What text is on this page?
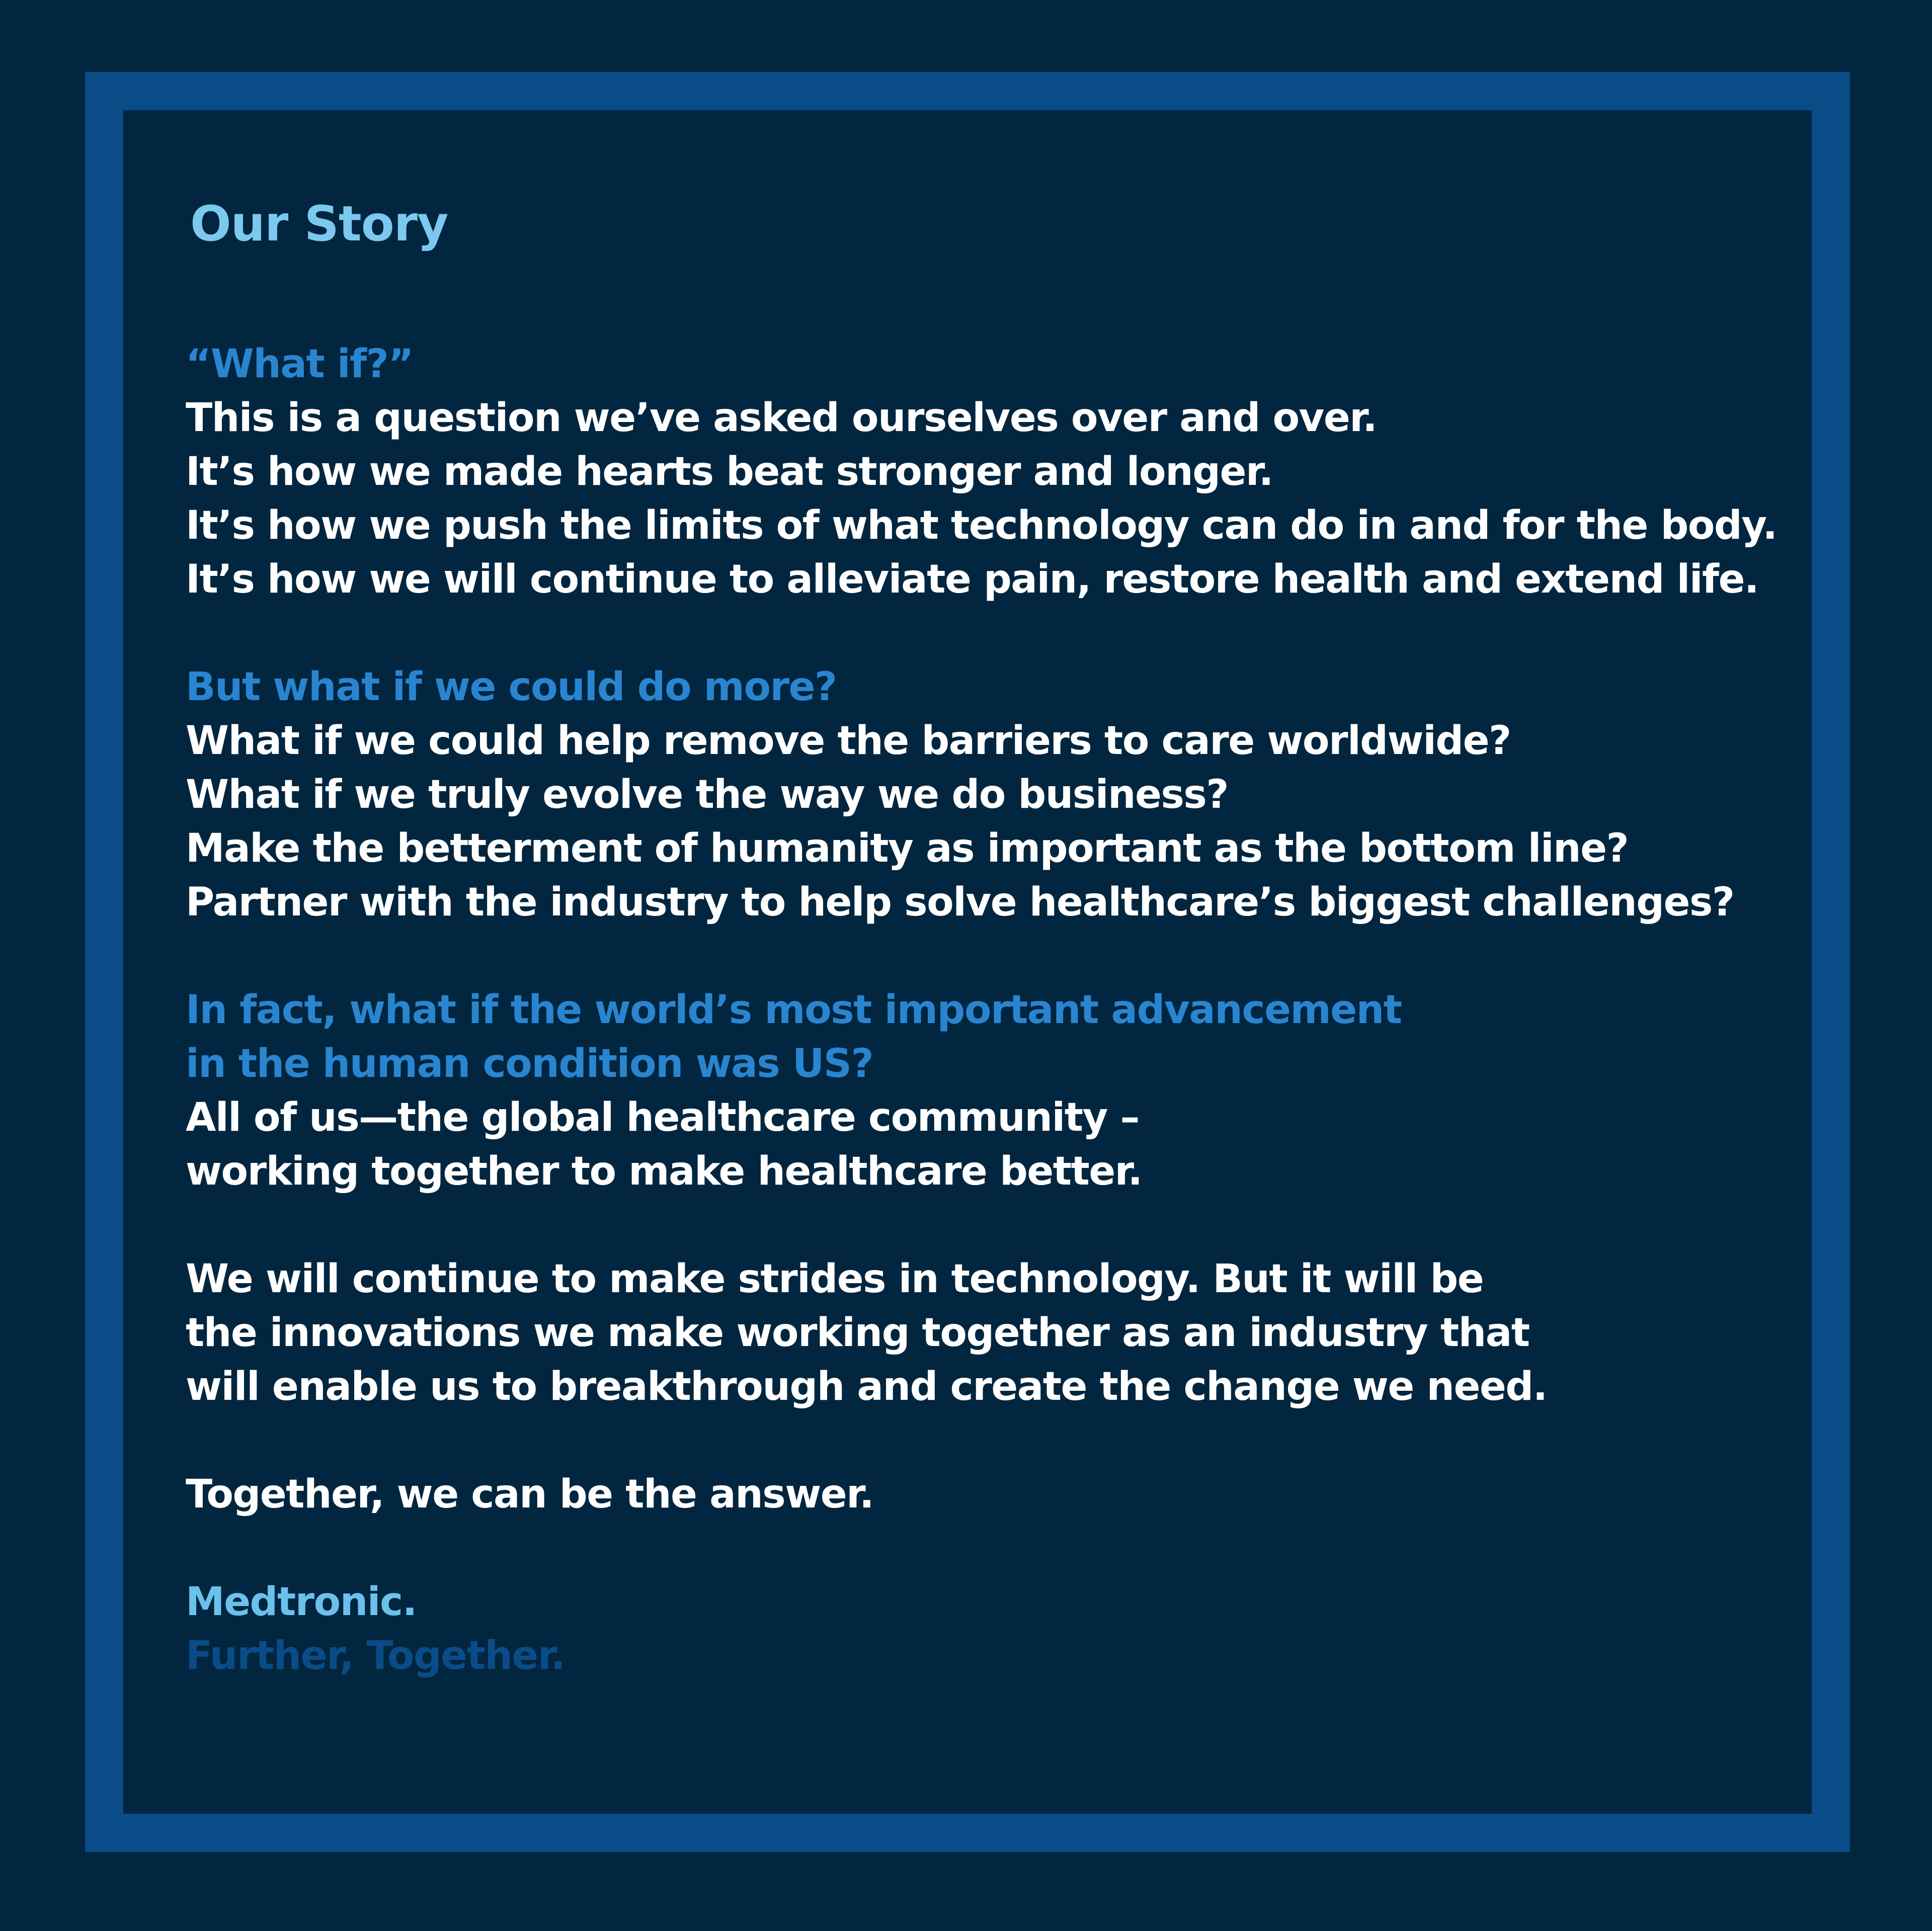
Our Story
“What if?”
This is a question we’ve asked ourselves over and over.
It’s how we made hearts beat stronger and longer.
It’s how we push the limits of what technology can do in and for the body.
It’s how we will continue to alleviate pain, restore health and extend life.
But what if we could do more?
What if we could help remove the barriers to care worldwide?
What if we truly evolve the way we do business?
Make the betterment of humanity as important as the bottom line?
Partner with the industry to help solve healthcare’s biggest challenges?
In fact, what if the world’s most important advancement
in the human condition was US?
All of us—the global healthcare community –
working together to make healthcare better.
We will continue to make strides in technology. But it will be
the innovations we make working together as an industry that
will enable us to breakthrough and create the change we need.
Together, we can be the answer.
Medtronic.
Further, Together.
